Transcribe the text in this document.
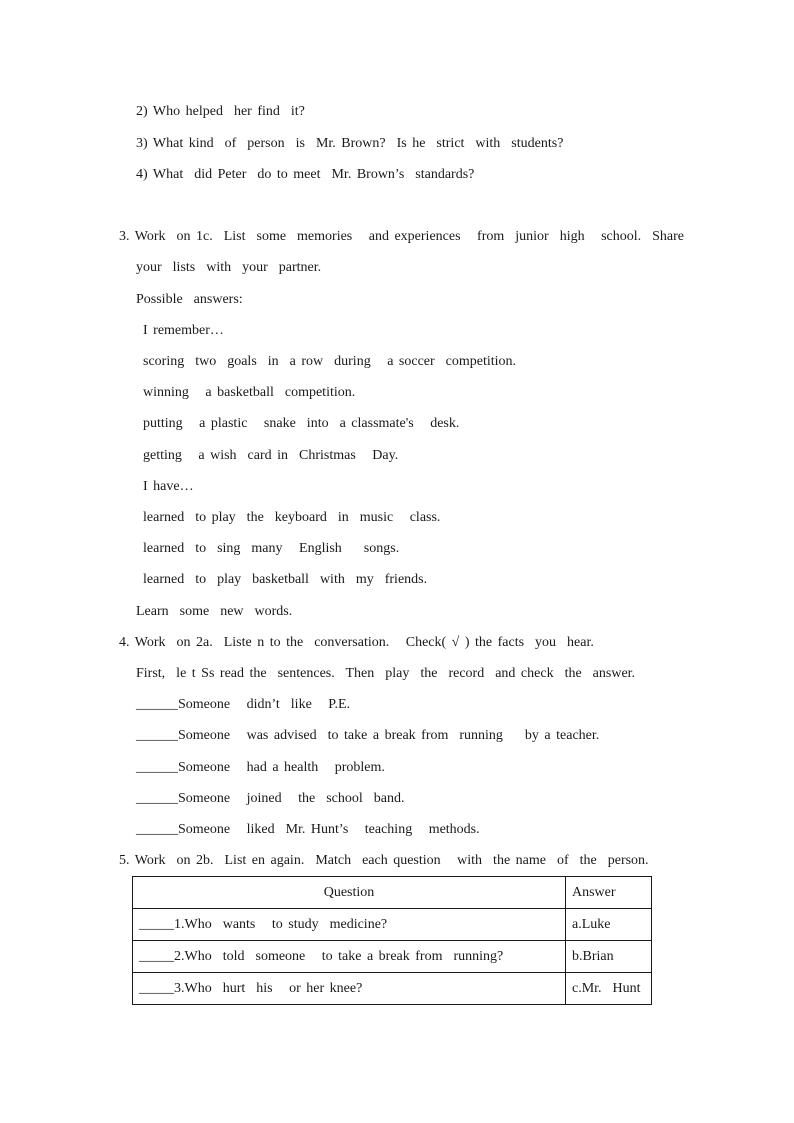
2) Who helped  her find  it?
3) What kind  of  person  is  Mr. Brown?  Is he  strict  with  students?
4) What  did Peter  do to meet  Mr. Brown’s  standards?
3. Work  on 1c.  List  some  memories   and experiences   from  junior  high   school.  Share
your  lists  with  your  partner.
Possible  answers:
I remember…
scoring  two  goals  in  a row  during   a soccer  competition.
winning   a basketball  competition.
putting   a plastic   snake  into  a classmate's   desk.
getting   a wish  card in  Christmas   Day.
I have…
learned  to play  the  keyboard  in  music   class.
learned  to  sing  many   English    songs.
learned  to  play  basketball  with  my  friends.
Learn  some  new  words.
4. Work  on 2a.  Liste n to the  conversation.   Check( √ ) the facts  you  hear.
First,  le t Ss read the  sentences.  Then  play  the  record  and check  the  answer.
______Someone   didn’t  like   P.E.
______Someone   was advised  to take a break from  running    by a teacher.
______Someone   had a health   problem.
______Someone   joined   the  school  band.
______Someone   liked  Mr. Hunt’s   teaching   methods.
5. Work  on 2b.  List en again.  Match  each question   with  the name  of  the  person.
Question	Answer
_____1.Who  wants   to study  medicine?	a.Luke
_____2.Who  told  someone   to take a break from  running?	b.Brian
_____3.Who  hurt  his   or her knee?	c.Mr.  Hunt
